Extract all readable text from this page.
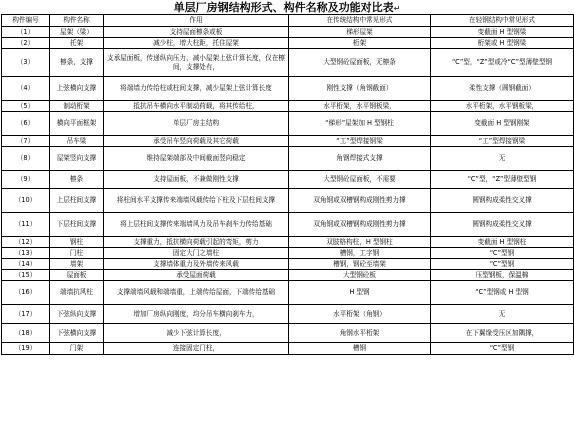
单层厂房钢结构形式、构件名称及功能对比表↵
构件编号	构件名称	作用	在传统结构中常见形式	在轻钢结构中常见形式
（1）	屋架（梁）	支持屋面檩条或板	梯形屋架	变截面 H 型钢梁
（2）	托架	减少柱，增大柱距，托住屋架	桁架	桁架或 H 型钢梁
（3）	檩条，支撑	支承屋面板，传递纵向压力，减小屋架上弦计算长度，仅在檩间，支撑处有，	大型钢砼屋面板，无檩条	“C”型，“Z”型或冷“C”型薄壁型钢
（4）	上弦横向支撑	将端墙力传给柱或柱间支撑，减少屋架上弦计算长度	刚性支撑（角钢截面）	柔性支撑（圆钢截面）
（5）	制动桁架	抵抗吊车横向水平制动荷载，将其传给柱，	水平桁架，水平钢板梁，	水平桁架，水平钢板梁，
（6）	横向平面框架	单层厂房主结构	“梯形”屋架加 H 型钢柱	变截面 H 型钢刚架
（7）	吊车梁	承受吊车竖向荷载及其它荷载	“工”型焊接钢梁	“工”型焊接钢梁
（8）	屋架竖向支撑	维持屋架端部及中间截面竖向稳定	角钢焊接式支撑	无
（9）	檩条	支持屋面板，不兼做刚性支撑	大型钢砼屋面板，不需要	“C”型，“Z”型薄壁型钢
（10）	上层柱间支撑	将柱间水平支撑传来端墙风载传给下柱及下层柱间支撑	双角钢或双槽钢构成刚性剪力撑	圆钢构成柔性交叉撑
（11）	下层柱间支撑	将上层柱间支撑传来端墙风力及吊车刹车力传给基础	双角钢或双槽钢构成刚性剪力撑	圆钢构成柔性交叉撑
（12）	钢柱	支撑重力，抵抗横向荷载引起的弯矩，剪力	双肢格构柱，H 型钢柱	变截面 H 型钢柱
（13）	门柱	固定大门之墙柱	槽钢，工字钢	“C”型钢
（14）	墙架	支撑墙体重力及外墙传来风载	槽钢，钢砼至墙架	“C”型钢
（15）	屋面板	承受屋面荷载	大型钢砼板	压型钢板，保温棉
（16）	端墙抗风柱	支撑端墙风载和端墙重，上端传给屋面，下端传给基础	H 型钢	“C”型钢或 H 型钢
（17）	下弦纵向支撑	增加厂房纵向刚度，均分吊车横向刹车力，	水平桁架（角钢）	无
（18）	下弦横向支撑	减少下弦计算长度，	角钢水平桁架	在下翼缘受压区加隅撑，
（19）	门架	连接固定门柱，	槽钢	“C”型钢
